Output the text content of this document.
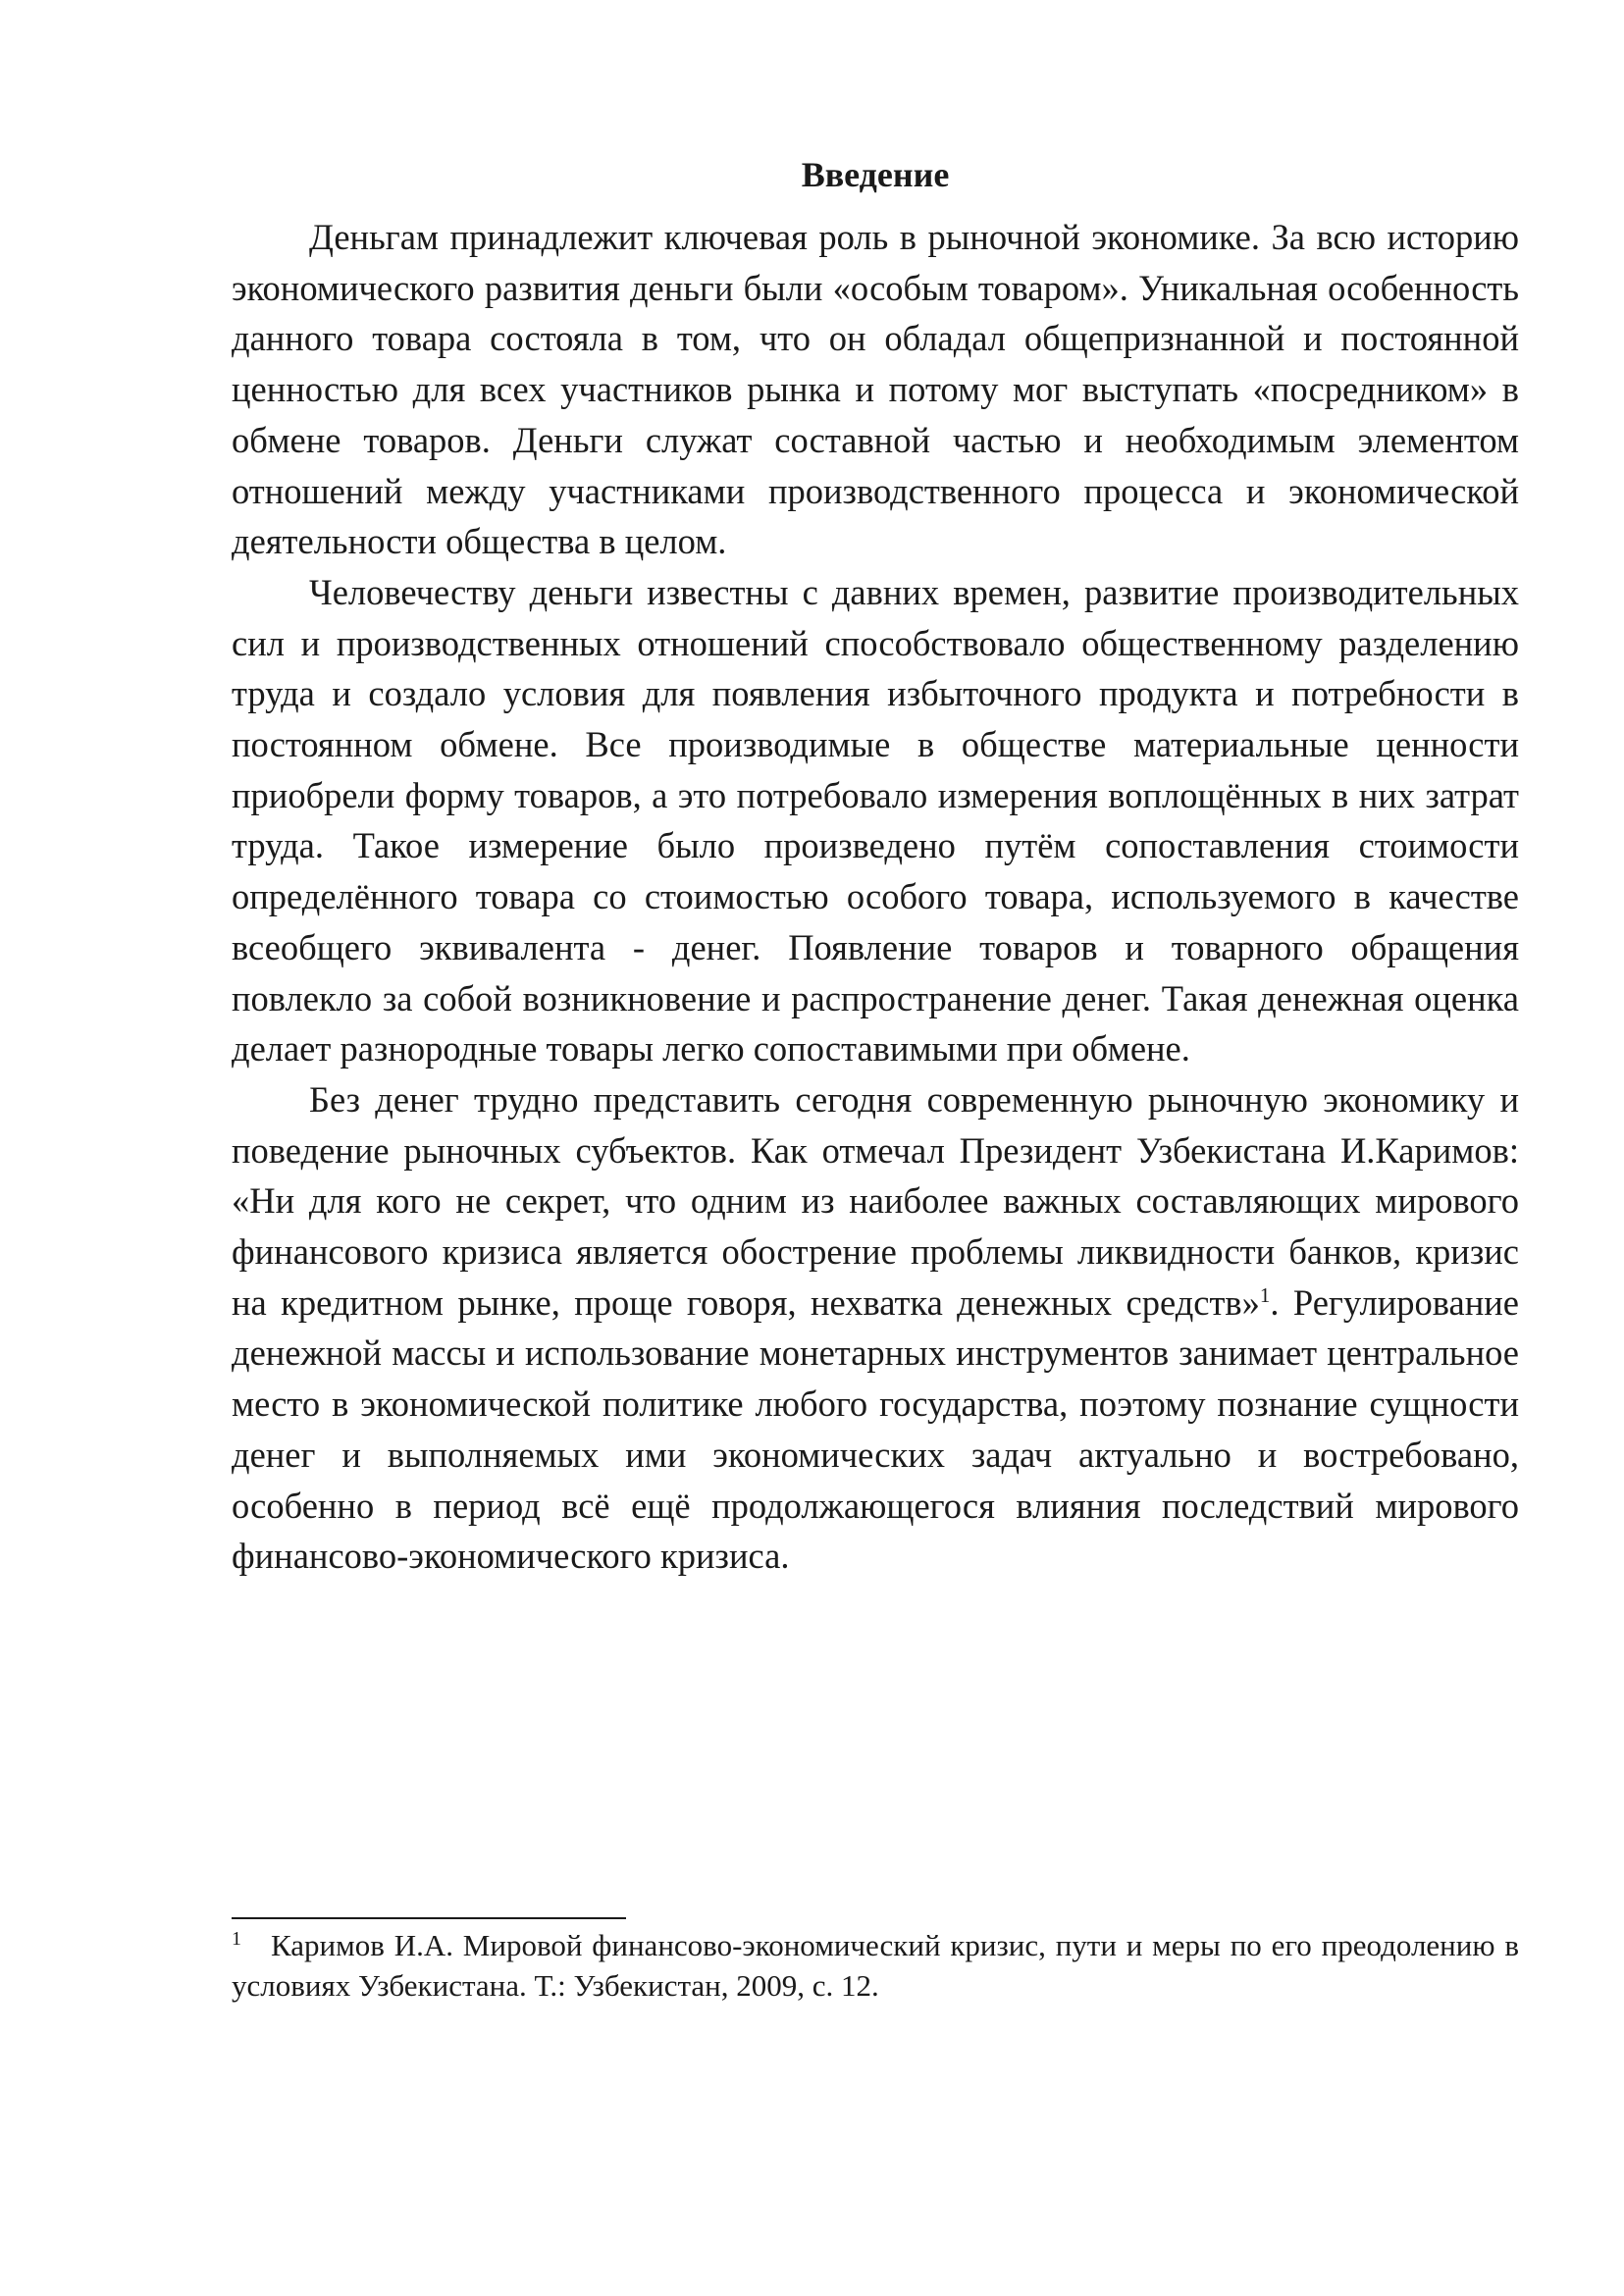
Введение

Деньгам принадлежит ключевая роль в рыночной экономике. За всю историю экономического развития деньги были «особым товаром». Уникальная особенность данного товара состояла в том, что он обладал общепризнанной и постоянной ценностью для всех участников рынка и потому мог выступать «посредником» в обмене товаров. Деньги служат составной частью и необходимым элементом отношений между участниками производственного процесса и экономической деятельности общества в целом.

Человечеству деньги известны с давних времен, развитие производительных сил и производственных отношений способствовало общественному разделению труда и создало условия для появления избыточного продукта и потребности в постоянном обмене. Все производимые в обществе материальные ценности приобрели форму товаров, а это потребовало измерения воплощённых в них затрат труда. Такое измерение было произведено путём сопоставления стоимости определённого товара со стоимостью особого товара, используемого в качестве всеобщего эквивалента - денег. Появление товаров и товарного обращения повлекло за собой возникновение и распространение денег. Такая денежная оценка делает разнородные товары легко сопоставимыми при обмене.

Без денег трудно представить сегодня современную рыночную экономику и поведение рыночных субъектов. Как отмечал Президент Узбекистана И.Каримов: «Ни для кого не секрет, что одним из наиболее важных составляющих мирового финансового кризиса является обострение проблемы ликвидности банков, кризис на кредитном рынке, проще говоря, нехватка денежных средств»$^1$. Регулирование денежной массы и использование монетарных инструментов занимает центральное место в экономической политике любого государства, поэтому познание сущности денег и выполняемых ими экономических задач актуально и востребовано, особенно в период всё ещё продолжающегося влияния последствий мирового финансово-экономического кризиса.

$^1$ Каримов И.А. Мировой финансово-экономический кризис, пути и меры по его преодолению в условиях Узбекистана. Т.: Узбекистан, 2009, с. 12.
